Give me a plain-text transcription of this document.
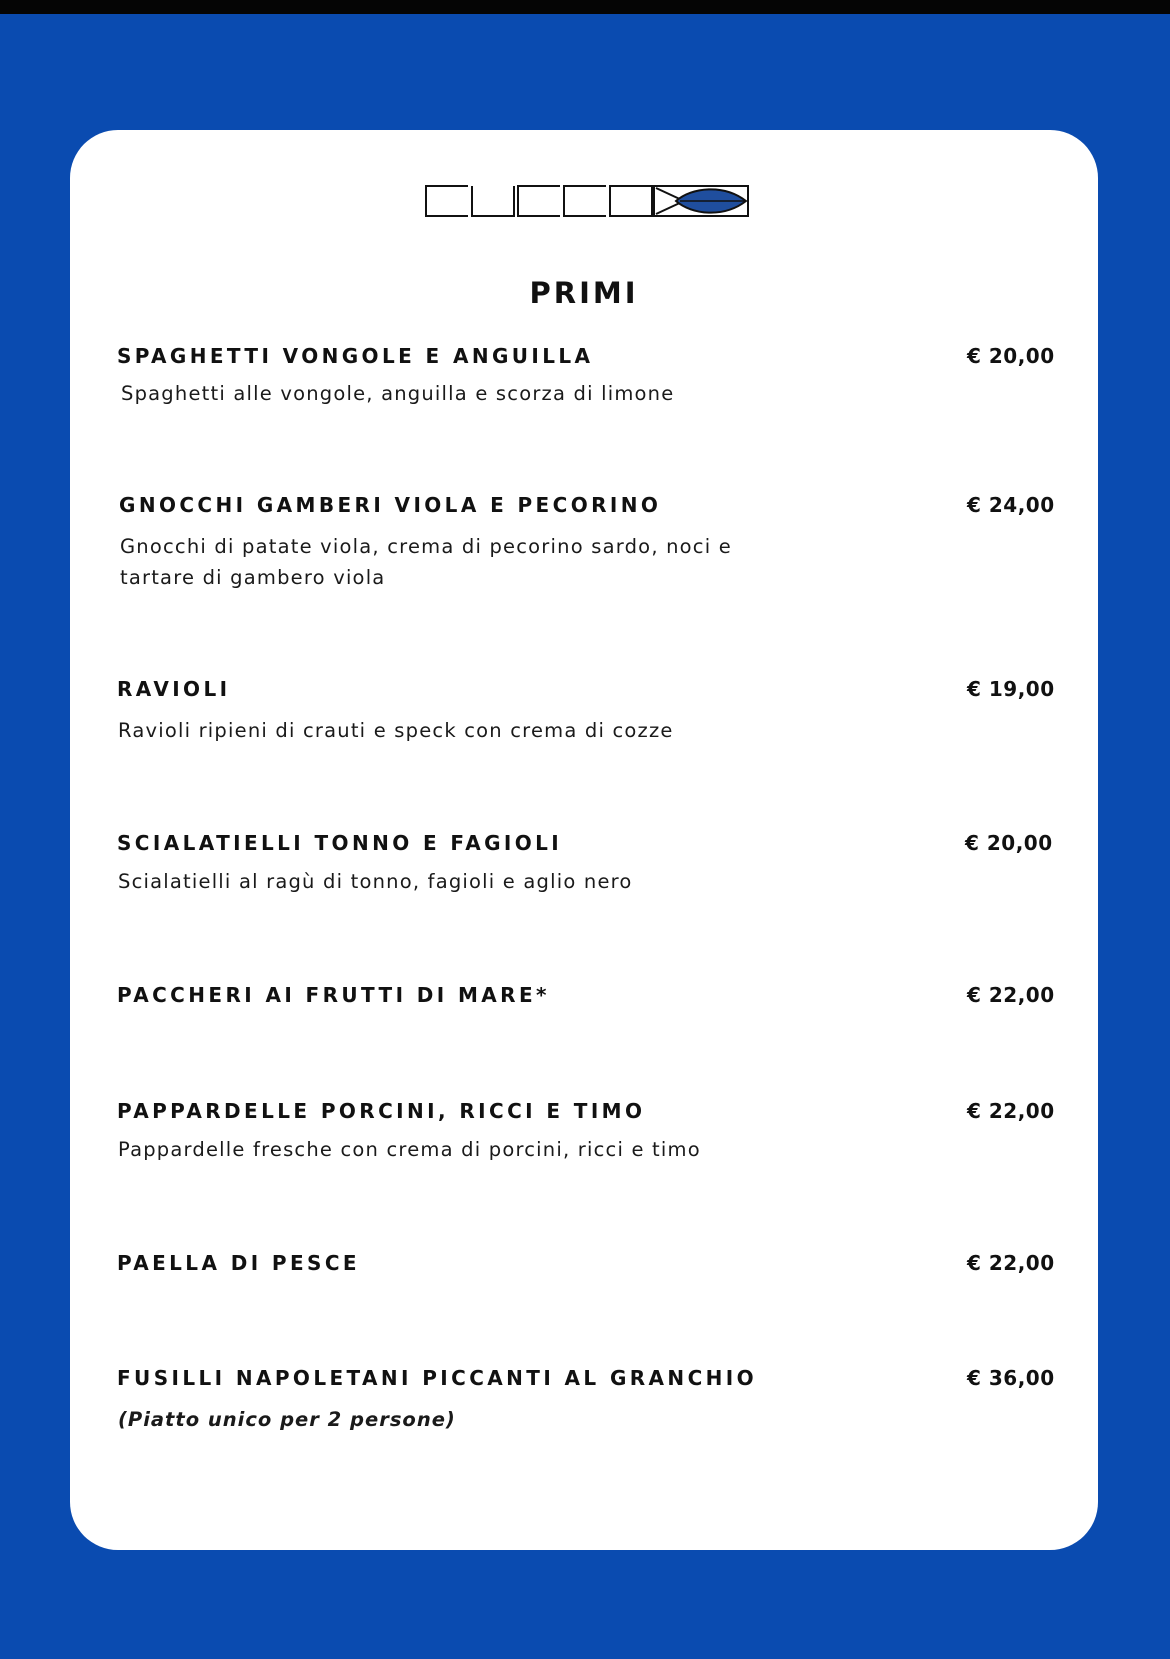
PRIMI
SPAGHETTI VONGOLE E ANGUILLA	€ 20,00
Spaghetti alle vongole, anguilla e scorza di limone
GNOCCHI GAMBERI VIOLA E PECORINO	€ 24,00
Gnocchi di patate viola, crema di pecorino sardo, noci e tartare di gambero viola
RAVIOLI	€ 19,00
Ravioli ripieni di crauti e speck con crema di cozze
SCIALATIELLI TONNO E FAGIOLI	€ 20,00
Scialatielli al ragù di tonno, fagioli e aglio nero
PACCHERI AI FRUTTI DI MARE*	€ 22,00
PAPPARDELLE PORCINI, RICCI E TIMO	€ 22,00
Pappardelle fresche con crema di porcini, ricci e timo
PAELLA DI PESCE	€ 22,00
FUSILLI NAPOLETANI PICCANTI AL GRANCHIO	€ 36,00
(Piatto unico per 2 persone)
